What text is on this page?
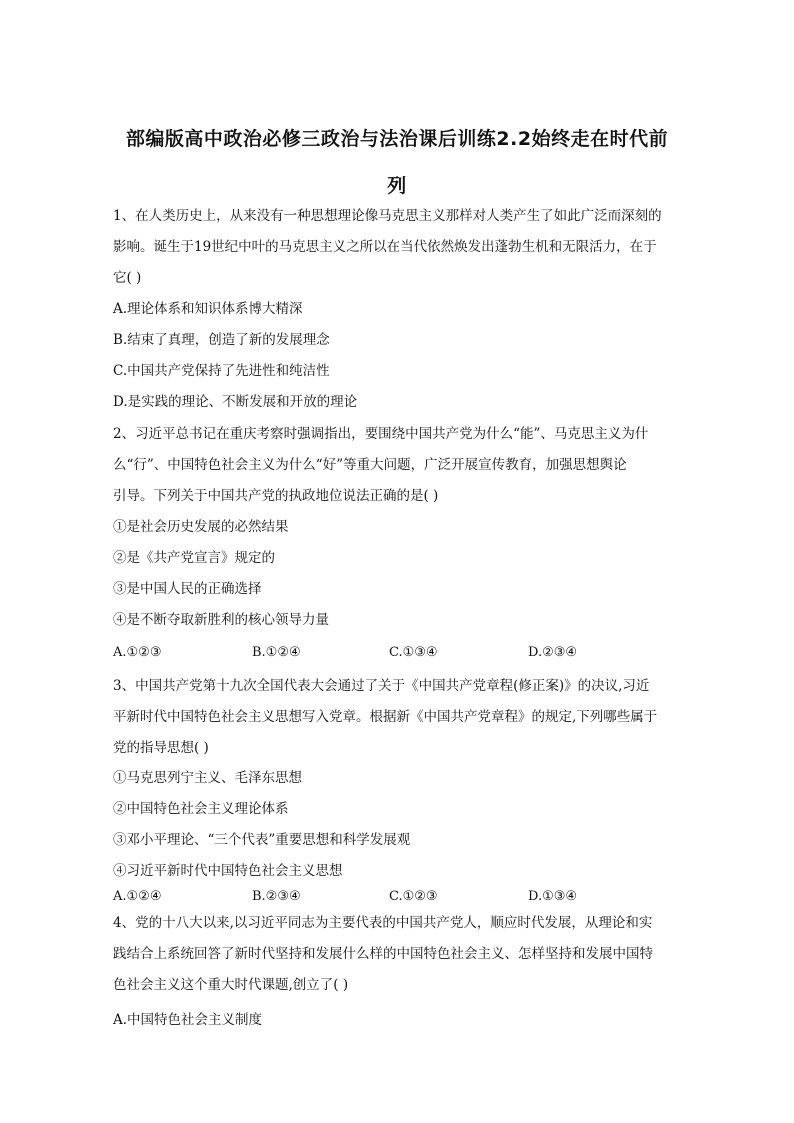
部编版高中政治必修三政治与法治课后训练2.2始终走在时代前
列
1、在人类历史上，从来没有一种思想理论像马克思主义那样对人类产生了如此广泛而深刻的
影响。诞生于19世纪中叶的马克思主义之所以在当代依然焕发出蓬勃生机和无限活力，在于
它( )
A.理论体系和知识体系博大精深
B.结束了真理，创造了新的发展理念
C.中国共产党保持了先进性和纯洁性
D.是实践的理论、不断发展和开放的理论
2、习近平总书记在重庆考察时强调指出，要围绕中国共产党为什么“能”、马克思主义为什
么“行”、中国特色社会主义为什么“好”等重大问题，广泛开展宣传教育，加强思想舆论
引导。下列关于中国共产党的执政地位说法正确的是( )
①是社会历史发展的必然结果
②是《共产党宣言》规定的
③是中国人民的正确选择
④是不断夺取新胜利的核心领导力量
A.①②③	B.①②④	C.①③④	D.②③④
3、中国共产党第十九次全国代表大会通过了关于《中国共产党章程(修正案)》的决议,习近
平新时代中国特色社会主义思想写入党章。根据新《中国共产党章程》的规定,下列哪些属于
党的指导思想( )
①马克思列宁主义、毛泽东思想
②中国特色社会主义理论体系
③邓小平理论、“三个代表”重要思想和科学发展观
④习近平新时代中国特色社会主义思想
A.①②④	B.②③④	C.①②③	D.①③④
4、党的十八大以来,以习近平同志为主要代表的中国共产党人，顺应时代发展，从理论和实
践结合上系统回答了新时代坚持和发展什么样的中国特色社会主义、怎样坚持和发展中国特
色社会主义这个重大时代课题,创立了( )
A.中国特色社会主义制度
